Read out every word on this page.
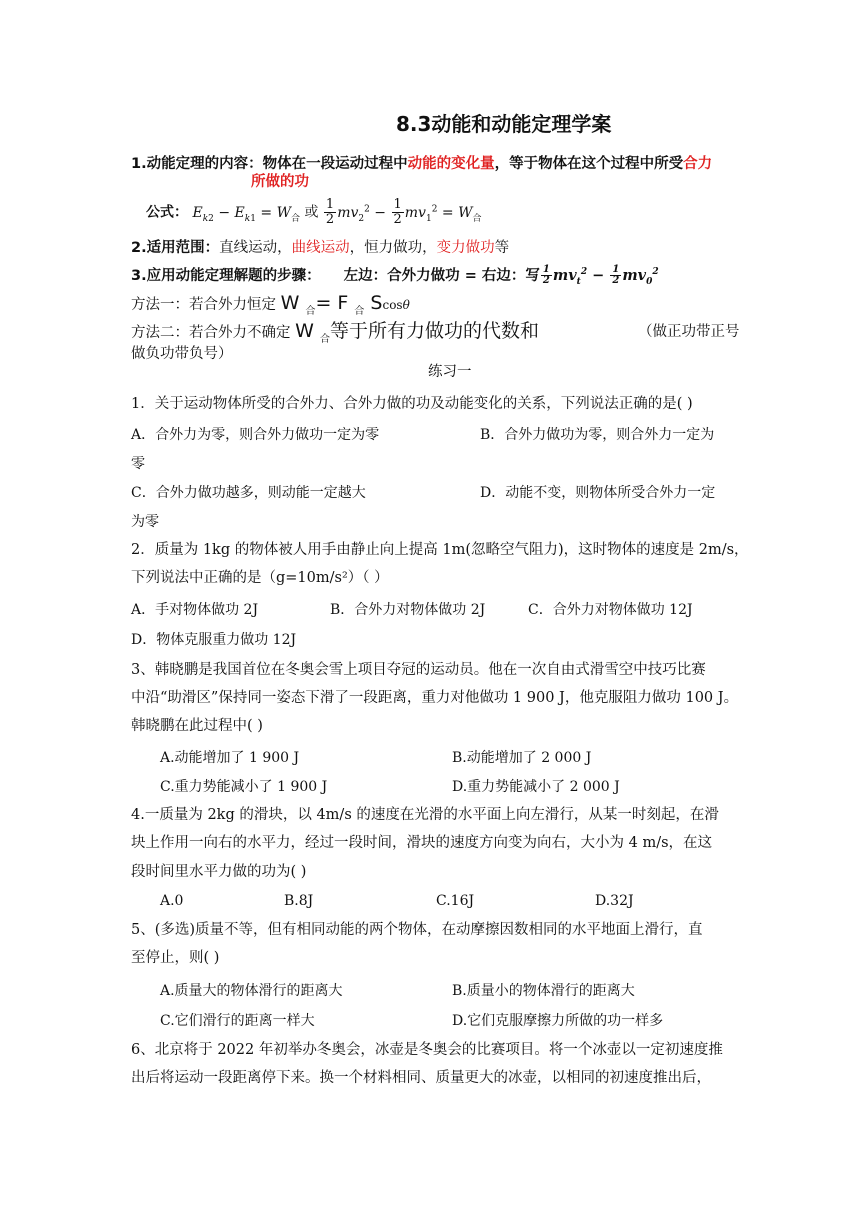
8.3动能和动能定理学案
1.动能定理的内容：物体在一段运动过程中动能的变化量，等于物体在这个过程中所受合力
所做的功
公式： $E_{k2} - E_{k1} = W_合$ 或 $\frac{1}{2} mv_2^2 - \frac{1}{2} mv_1^2 = W_合$
2.适用范围：直线运动，曲线运动，恒力做功，变力做功等
3.应用动能定理解题的步骤： 左边：合外力做功 = 右边：写 $\frac{1}{2} mv_t^2 - \frac{1}{2} mv_0^2$
方法一：若合外力恒定 W $_合$= F $_合$ Scosθ
方法二：若合外力不确定 W $_合$等于所有力做功的代数和	（做正功带正号
做负功带负号）
练习一
1．关于运动物体所受的合外力、合外力做的功及动能变化的关系，下列说法正确的是( )
A．合外力为零，则合外力做功一定为零	B．合外力做功为零，则合外力一定为
零
C．合外力做功越多，则动能一定越大	D．动能不变，则物体所受合外力一定
为零
2．质量为 1kg 的物体被人用手由静止向上提高 1m(忽略空气阻力)，这时物体的速度是 2m/s，
下列说法中正确的是（g=10m/s²）（ ）
A．手对物体做功 2J	B．合外力对物体做功 2J	C．合外力对物体做功 12J
D．物体克服重力做功 12J
3、韩晓鹏是我国首位在冬奥会雪上项目夺冠的运动员。他在一次自由式滑雪空中技巧比赛
中沿“助滑区”保持同一姿态下滑了一段距离，重力对他做功 1 900 J，他克服阻力做功 100 J。
韩晓鹏在此过程中( )
A.动能增加了 1 900 J	B.动能增加了 2 000 J
C.重力势能减小了 1 900 J	D.重力势能减小了 2 000 J
4.一质量为 2kg 的滑块，以 4m/s 的速度在光滑的水平面上向左滑行，从某一时刻起，在滑
块上作用一向右的水平力，经过一段时间，滑块的速度方向变为向右，大小为 4 m/s，在这
段时间里水平力做的功为( )
A.0	B.8J	C.16J	D.32J
5、(多选)质量不等，但有相同动能的两个物体，在动摩擦因数相同的水平地面上滑行，直
至停止，则( )
A.质量大的物体滑行的距离大	B.质量小的物体滑行的距离大
C.它们滑行的距离一样大	D.它们克服摩擦力所做的功一样多
6、北京将于 2022 年初举办冬奥会，冰壶是冬奥会的比赛项目。将一个冰壶以一定初速度推
出后将运动一段距离停下来。换一个材料相同、质量更大的冰壶，以相同的初速度推出后，
